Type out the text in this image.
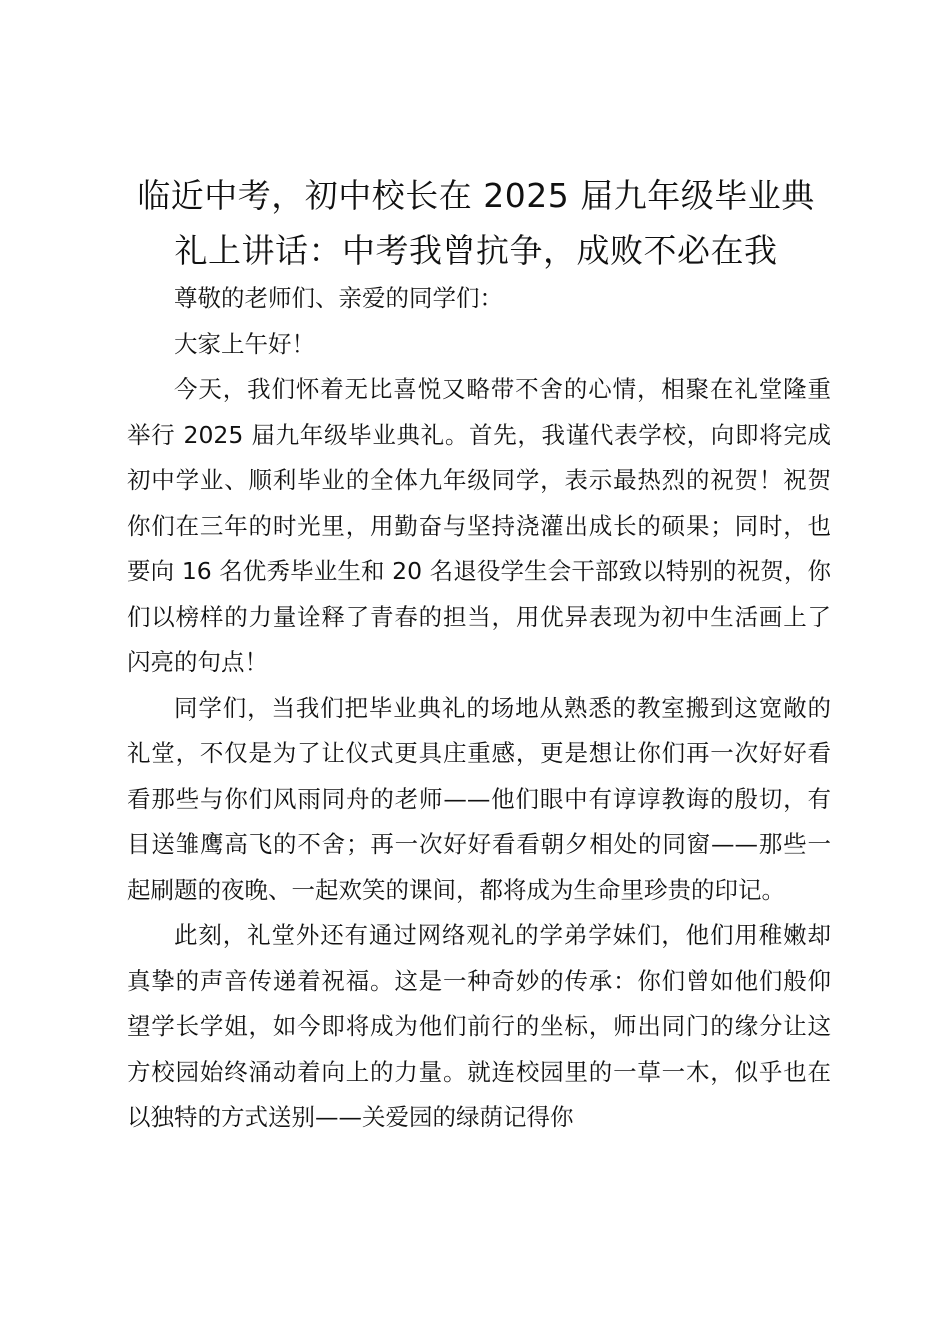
临近中考，初中校长在 2025 届九年级毕业典
礼上讲话：中考我曾抗争，成败不必在我

尊敬的老师们、亲爱的同学们：

大家上午好！

今天，我们怀着无比喜悦又略带不舍的心情，相聚在礼堂隆重举行 2025 届九年级毕业典礼。首先，我谨代表学校，向即将完成初中学业、顺利毕业的全体九年级同学，表示最热烈的祝贺！祝贺你们在三年的时光里，用勤奋与坚持浇灌出成长的硕果；同时，也要向 16 名优秀毕业生和 20 名退役学生会干部致以特别的祝贺，你们以榜样的力量诠释了青春的担当，用优异表现为初中生活画上了闪亮的句点！

同学们，当我们把毕业典礼的场地从熟悉的教室搬到这宽敞的礼堂，不仅是为了让仪式更具庄重感，更是想让你们再一次好好看看那些与你们风雨同舟的老师——他们眼中有谆谆教诲的殷切，有目送雏鹰高飞的不舍；再一次好好看看朝夕相处的同窗——那些一起刷题的夜晚、一起欢笑的课间，都将成为生命里珍贵的印记。

此刻，礼堂外还有通过网络观礼的学弟学妹们，他们用稚嫩却真挚的声音传递着祝福。这是一种奇妙的传承：你们曾如他们般仰望学长学姐，如今即将成为他们前行的坐标，师出同门的缘分让这方校园始终涌动着向上的力量。就连校园里的一草一木，似乎也在以独特的方式送别——关爱园的绿荫记得你
